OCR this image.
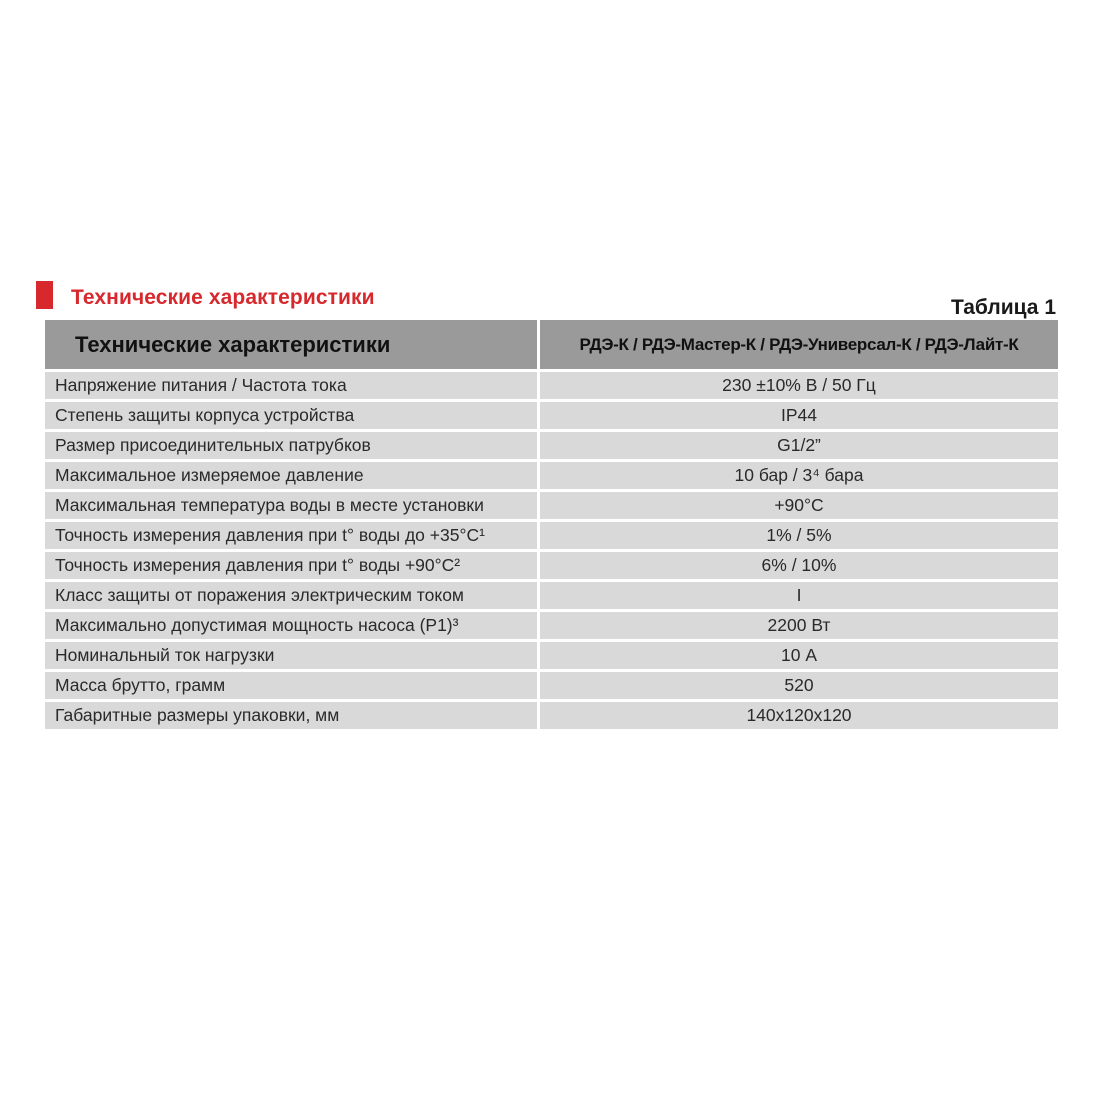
Технические характеристики	Таблица 1
Технические характеристики	РДЭ-К / РДЭ-Мастер-К / РДЭ-Универсал-К / РДЭ-Лайт-К
Напряжение питания / Частота тока	230 ±10% В / 50 Гц
Степень защиты корпуса устройства	IP44
Размер присоединительных патрубков	G1/2”
Максимальное измеряемое давление	10 бар / 3⁴ бара
Максимальная температура воды в месте установки	+90°C
Точность измерения давления при t° воды до +35°C¹	1% / 5%
Точность измерения давления при t° воды +90°C²	6% / 10%
Класс защиты от поражения электрическим током	I
Максимально допустимая мощность насоса (P1)³	2200 Вт
Номинальный ток нагрузки	10 А
Масса брутто, грамм	520
Габаритные размеры упаковки, мм	140x120x120
